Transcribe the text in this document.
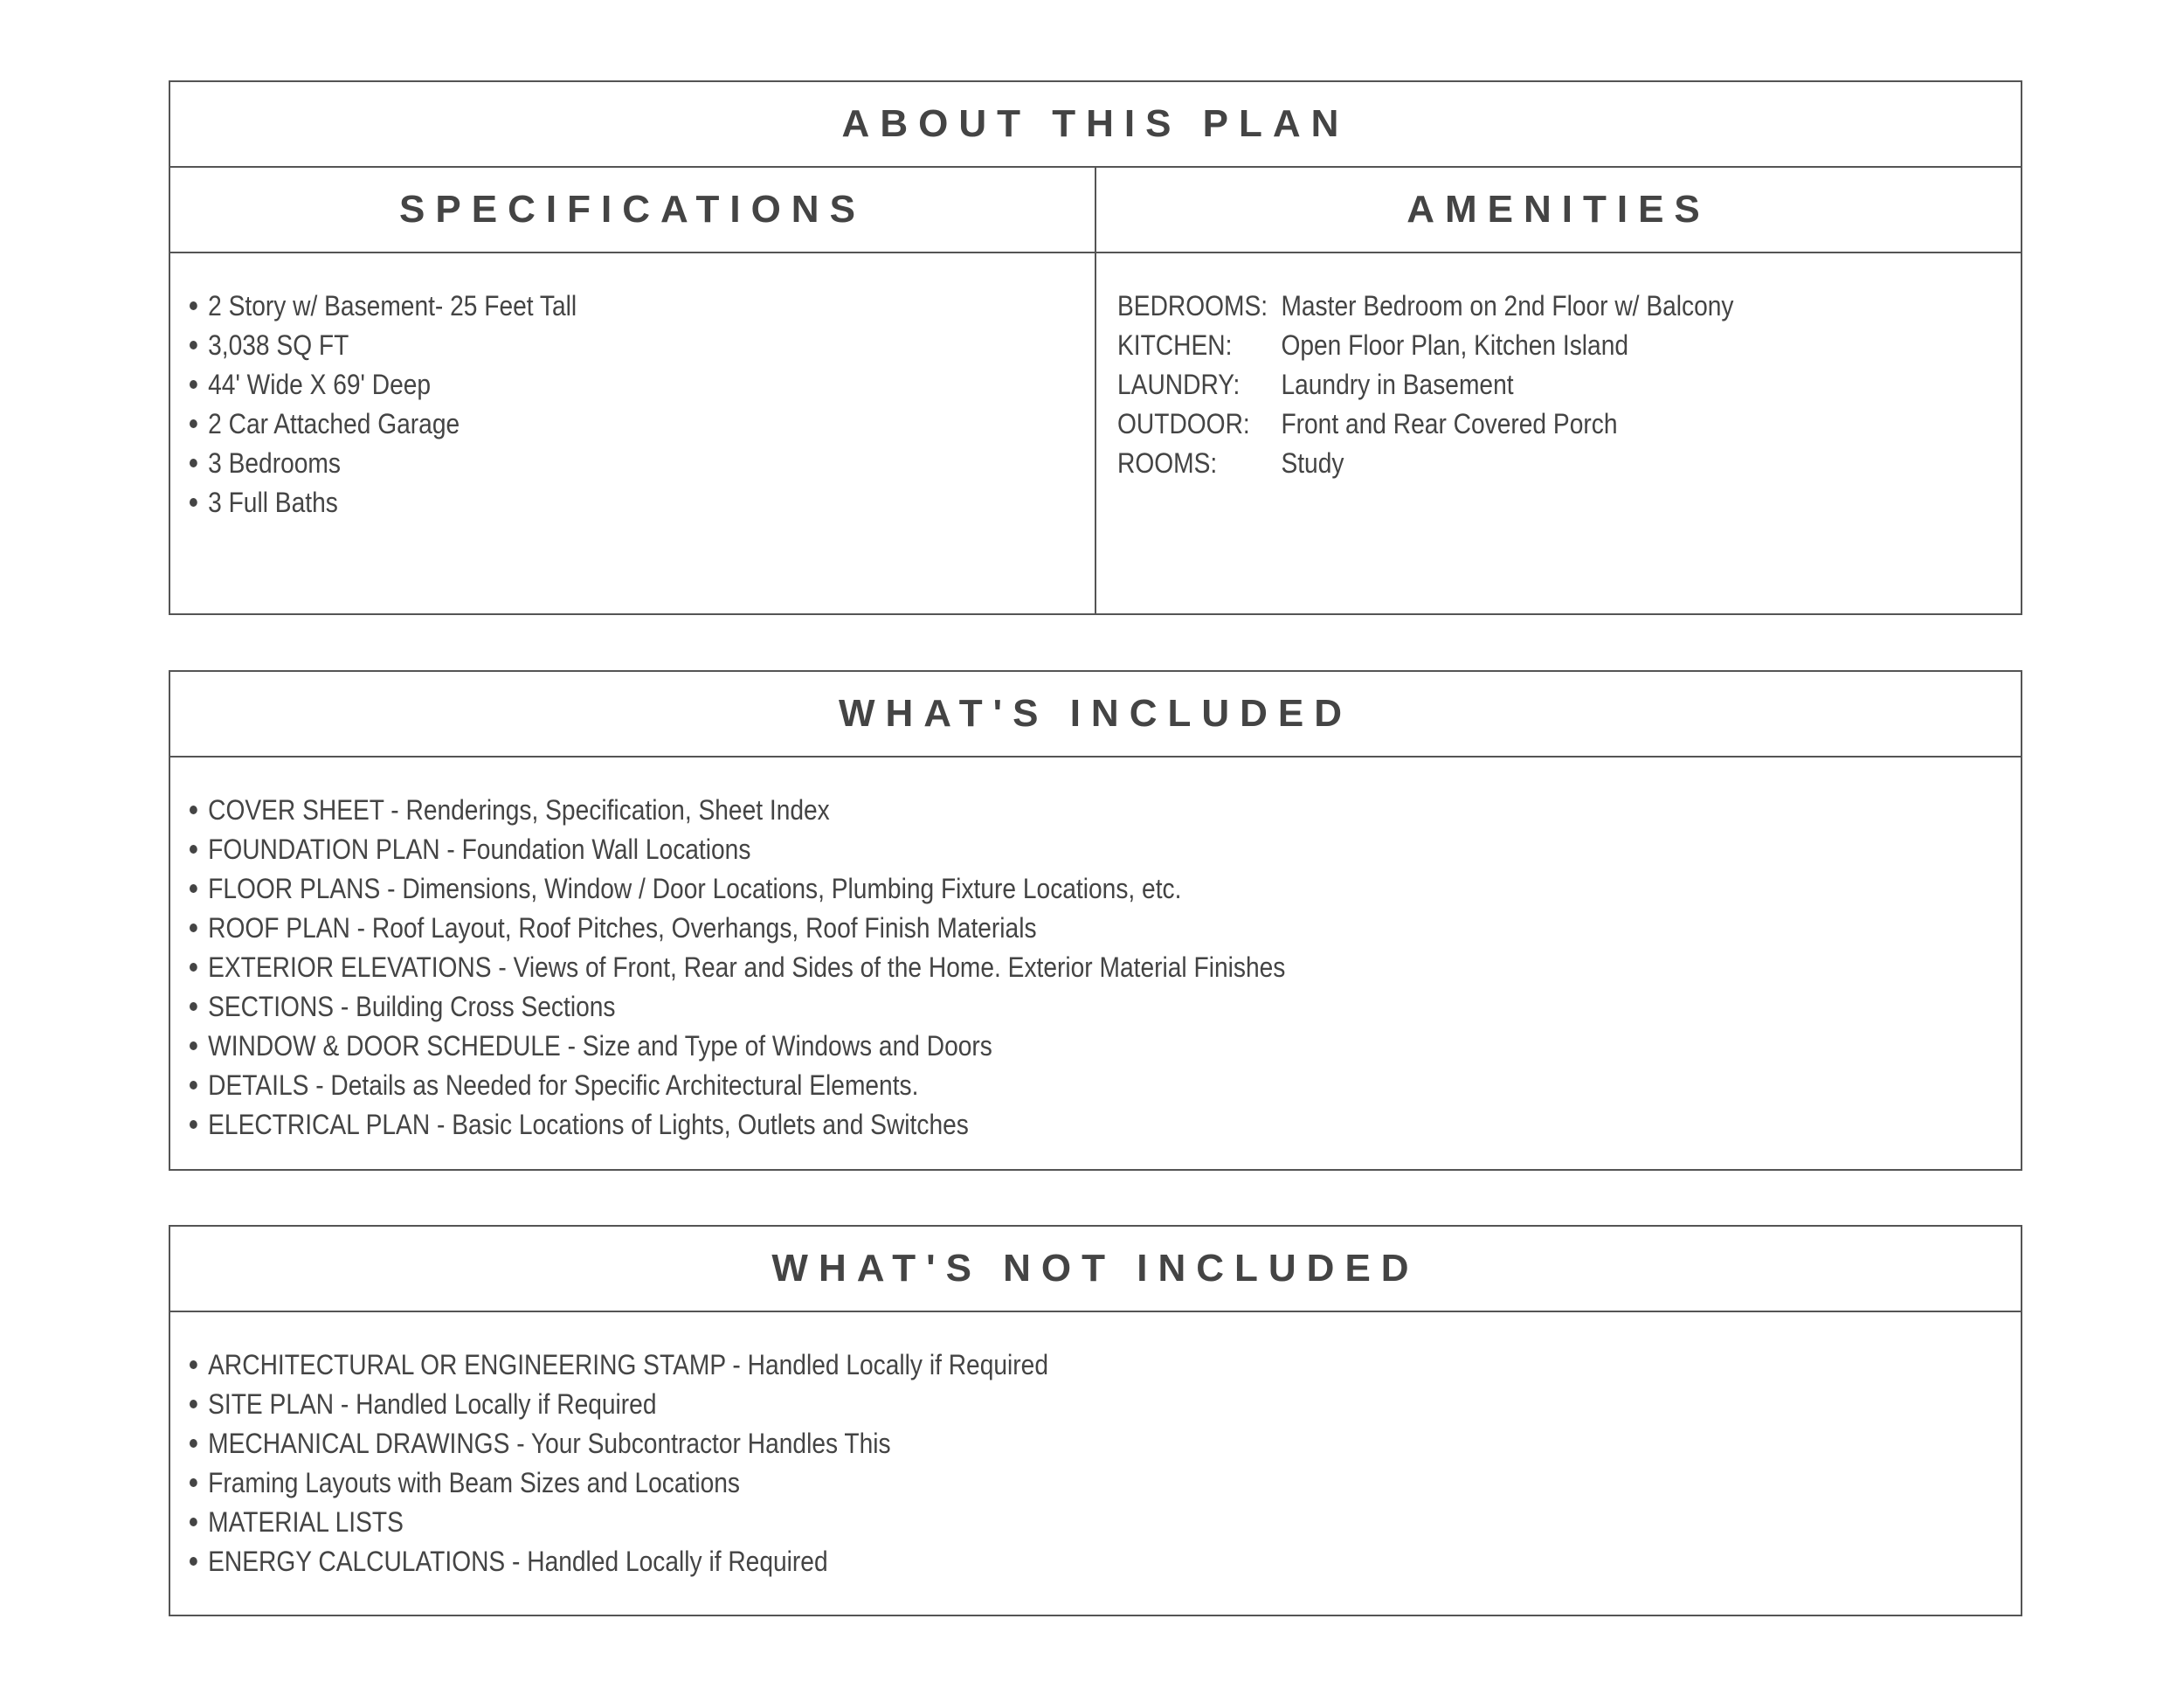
ABOUT THIS PLAN
SPECIFICATIONS
2 Story w/ Basement- 25 Feet Tall
3,038 SQ FT
44' Wide X 69' Deep
2 Car Attached Garage
3 Bedrooms
3 Full Baths
AMENITIES
BEDROOMS: Master Bedroom on 2nd Floor w/ Balcony
KITCHEN:	Open Floor Plan, Kitchen Island
LAUNDRY:	Laundry in Basement
OUTDOOR:	Front and Rear Covered Porch
ROOMS:	Study
WHAT'S INCLUDED
COVER SHEET - Renderings, Specification, Sheet Index
FOUNDATION PLAN - Foundation Wall Locations
FLOOR PLANS - Dimensions, Window / Door Locations, Plumbing Fixture Locations, etc.
ROOF PLAN - Roof Layout, Roof Pitches, Overhangs, Roof Finish Materials
EXTERIOR ELEVATIONS - Views of Front, Rear and Sides of the Home. Exterior Material Finishes
SECTIONS - Building Cross Sections
WINDOW & DOOR SCHEDULE - Size and Type of Windows and Doors
DETAILS - Details as Needed for Specific Architectural Elements.
ELECTRICAL PLAN - Basic Locations of Lights, Outlets and Switches
WHAT'S NOT INCLUDED
ARCHITECTURAL OR ENGINEERING STAMP - Handled Locally if Required
SITE PLAN - Handled Locally if Required
MECHANICAL DRAWINGS - Your Subcontractor Handles This
Framing Layouts with Beam Sizes and Locations
MATERIAL LISTS
ENERGY CALCULATIONS - Handled Locally if Required
